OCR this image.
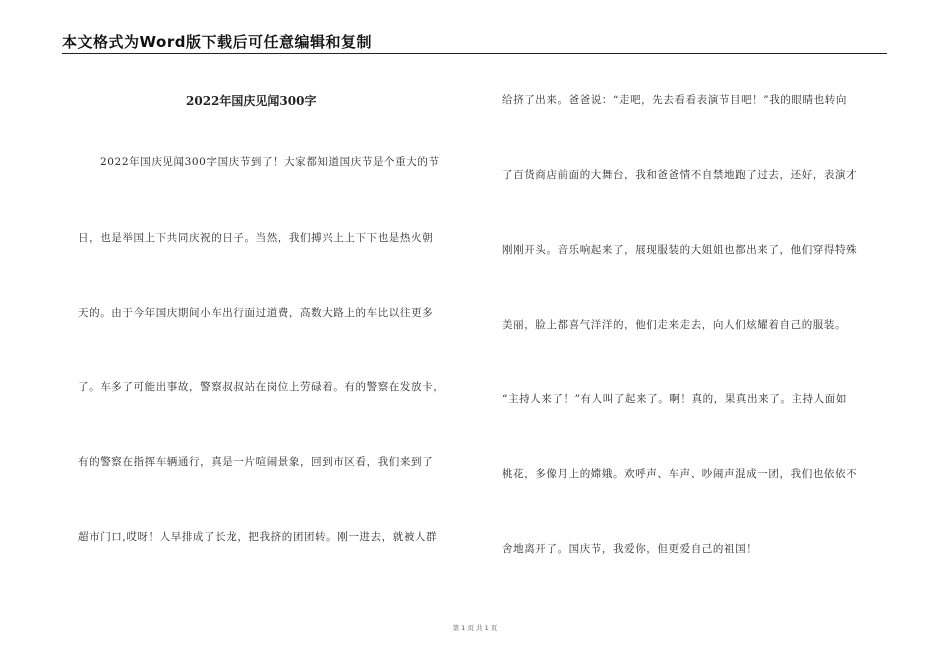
本文格式为Word版下载后可任意编辑和复制
2022年国庆见闻300字
2022年国庆见闻300字国庆节到了！大家都知道国庆节是个重大的节
日，也是举国上下共同庆祝的日子。当然，我们搏兴上上下下也是热火朝
天的。由于今年国庆期间小车出行面过道费，高数大路上的车比以往更多
了。车多了可能出事故，警察叔叔站在岗位上劳碌着。有的警察在发放卡，
有的警察在指挥车辆通行，真是一片喧闹景象，回到市区看，我们来到了
超市门口,哎呀！人早排成了长龙，把我挤的团团转。刚一进去，就被人群
给挤了出来。爸爸说：“走吧，先去看看表演节目吧！”我的眼睛也转向
了百货商店前面的大舞台，我和爸爸情不自禁地跑了过去，还好，表演才
刚刚开头。音乐响起来了，展现服装的大姐姐也都出来了，他们穿得特殊
美丽，脸上都喜气洋洋的，他们走来走去，向人们炫耀着自己的服装。
“主持人来了！”有人叫了起来了。啊！真的，果真出来了。主持人面如
桃花，多像月上的嫦娥。欢呼声、车声、吵闹声混成一团，我们也依依不
舍地离开了。国庆节，我爱你，但更爱自己的祖国！
第 1 页 共 1 页
